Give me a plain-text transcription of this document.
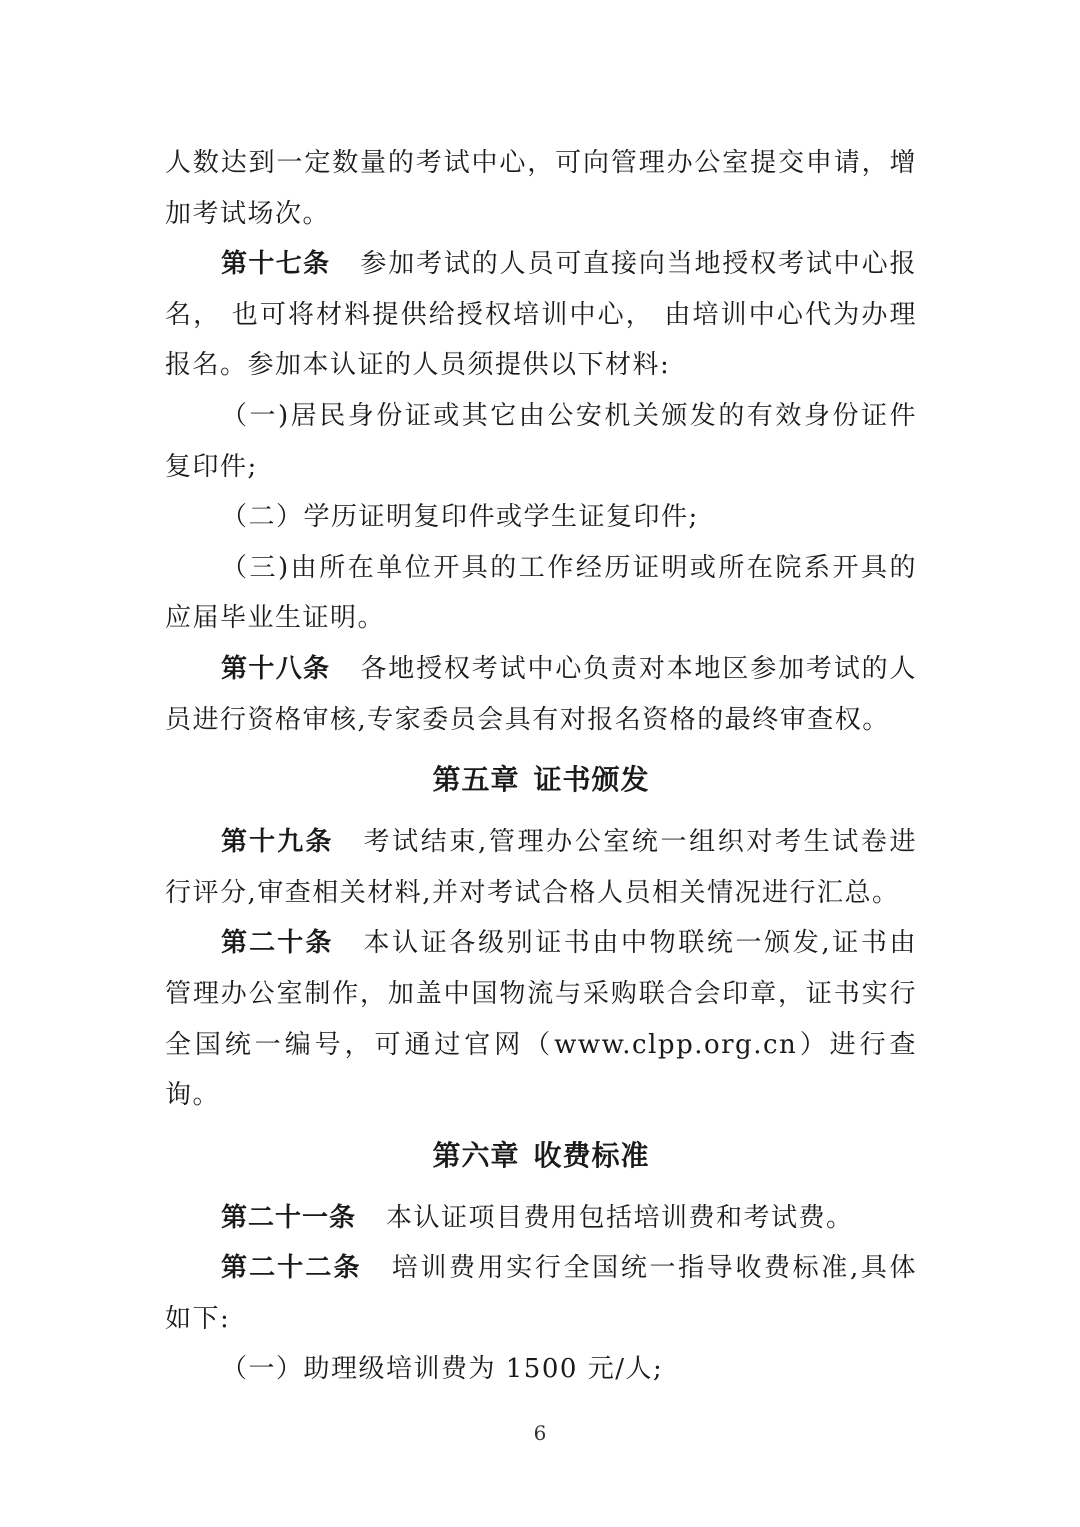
人数达到一定数量的考试中心，可向管理办公室提交申请，增加考试场次。

第十七条 参加考试的人员可直接向当地授权考试中心报名， 也可将材料提供给授权培训中心， 由培训中心代为办理报名。参加本认证的人员须提供以下材料:

（一)居民身份证或其它由公安机关颁发的有效身份证件复印件;

（二）学历证明复印件或学生证复印件;

（三)由所在单位开具的工作经历证明或所在院系开具的应届毕业生证明。

第十八条 各地授权考试中心负责对本地区参加考试的人员进行资格审核,专家委员会具有对报名资格的最终审查权。

第五章 证书颁发

第十九条 考试结束,管理办公室统一组织对考生试卷进行评分,审查相关材料,并对考试合格人员相关情况进行汇总。

第二十条 本认证各级别证书由中物联统一颁发,证书由管理办公室制作，加盖中国物流与采购联合会印章，证书实行全国统一编号，可通过官网（www.clpp.org.cn）进行查询。

第六章 收费标准

第二十一条 本认证项目费用包括培训费和考试费。

第二十二条 培训费用实行全国统一指导收费标准,具体如下:

（一）助理级培训费为 1500 元/人;

6
